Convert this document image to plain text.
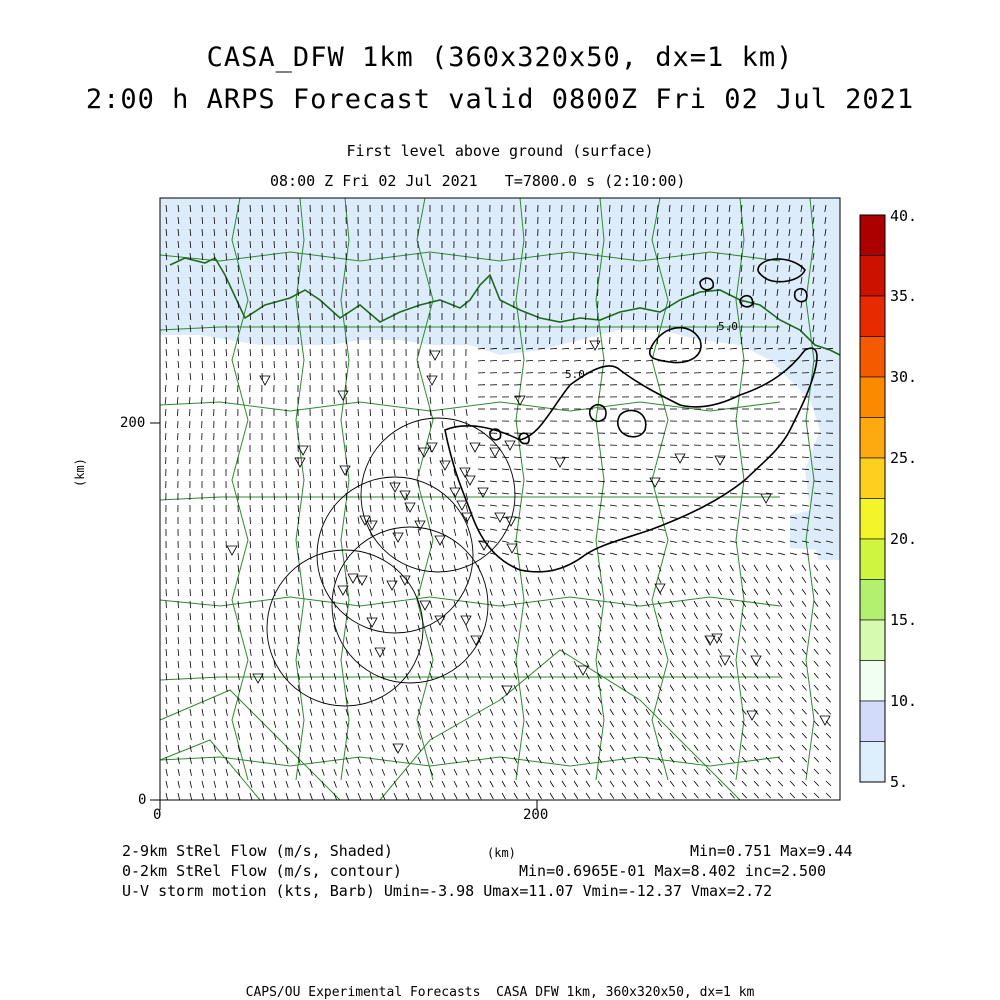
CASA_DFW 1km (360x320x50, dx=1 km)
2:00 h ARPS Forecast valid 0800Z Fri 02 Jul 2021
First level above ground (surface)
08:00 Z Fri 02 Jul 2021   T=7800.0 s (2:10:00)
5.0
5.0
200
0
0	200
(km)
(km)
40.
35.
30.
25.
20.
15.
10.
5.
2-9km StRel Flow (m/s, Shaded)	Min=0.751 Max=9.44
0-2km StRel Flow (m/s, contour)	Min=0.6965E-01 Max=8.402 inc=2.500
U-V storm motion (kts, Barb) Umin=-3.98 Umax=11.07 Vmin=-12.37 Vmax=2.72
CAPS/OU Experimental Forecasts  CASA DFW 1km, 360x320x50, dx=1 km
